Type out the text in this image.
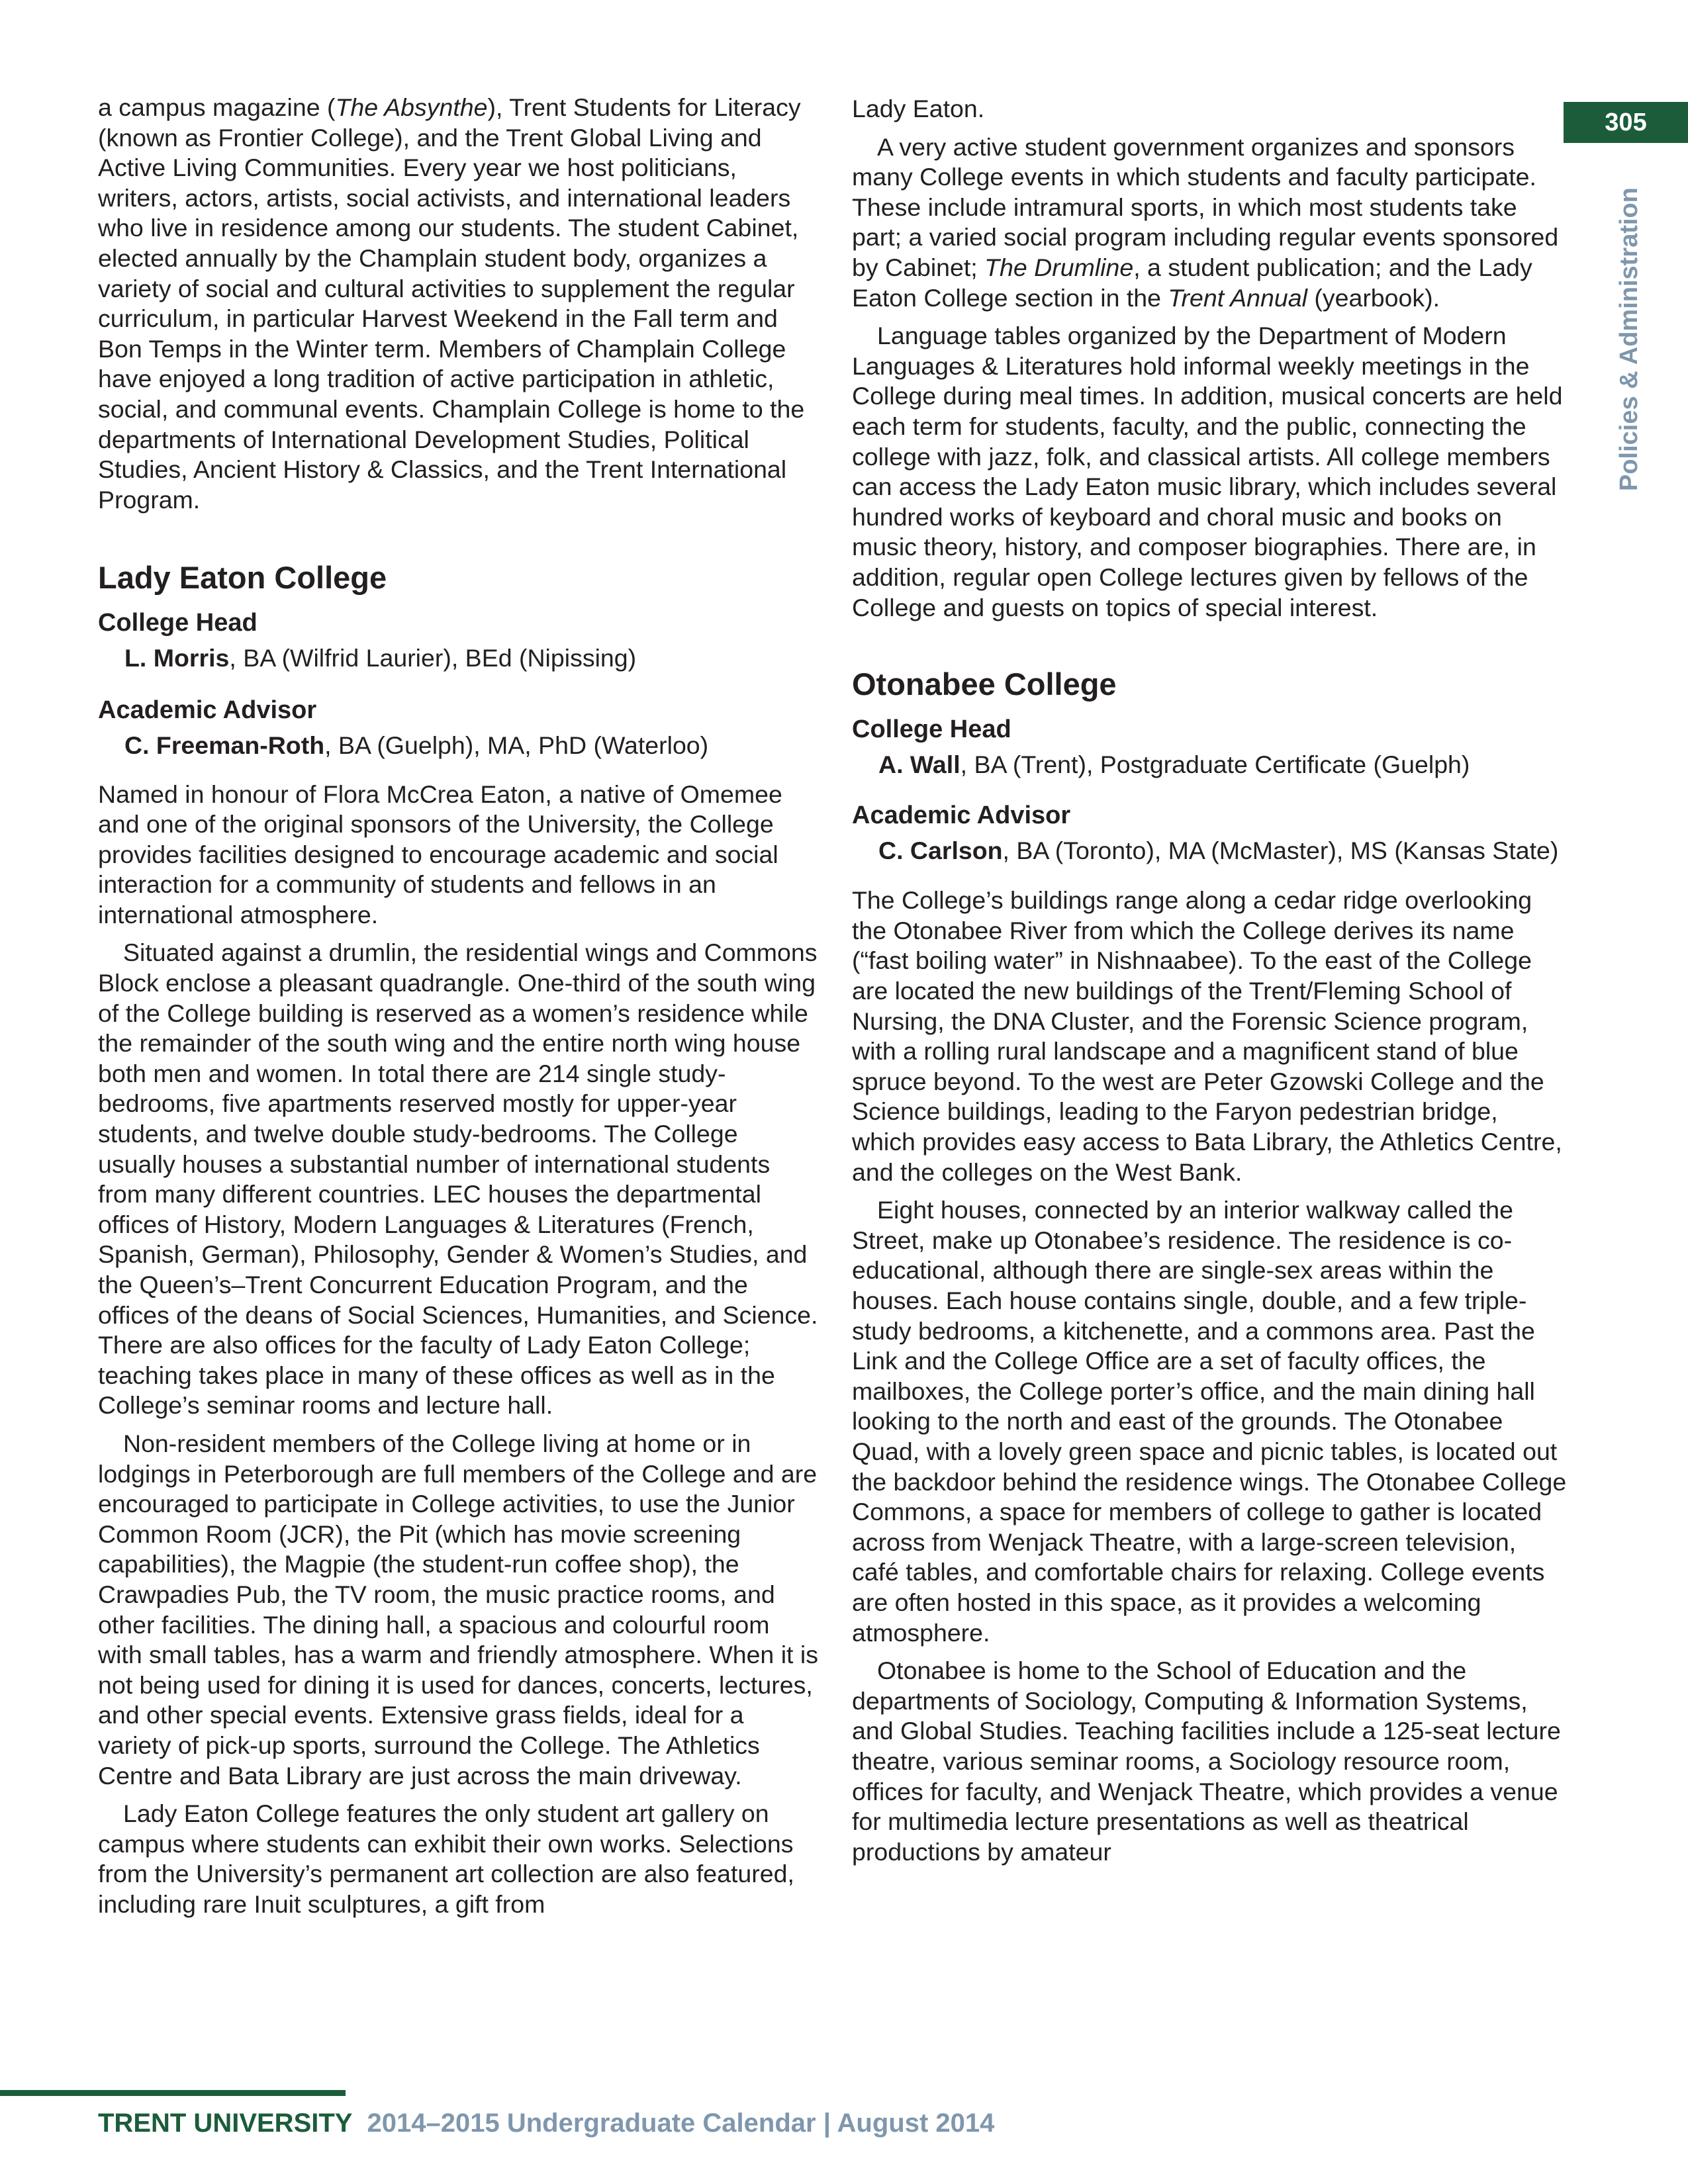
305
Policies & Administration

a campus magazine (The Absynthe), Trent Students for Literacy (known as Frontier College), and the Trent Global Living and Active Living Communities. Every year we host politicians, writers, actors, artists, social activists, and international leaders who live in residence among our students. The student Cabinet, elected annually by the Champlain student body, organizes a variety of social and cultural activities to supplement the regular curriculum, in particular Harvest Weekend in the Fall term and Bon Temps in the Winter term. Members of Champlain College have enjoyed a long tradition of active participation in athletic, social, and communal events. Champlain College is home to the departments of International Development Studies, Political Studies, Ancient History & Classics, and the Trent International Program.

Lady Eaton College
College Head

L. Morris, BA (Wilfrid Laurier), BEd (Nipissing)

Academic Advisor

C. Freeman-Roth, BA (Guelph), MA, PhD (Waterloo)

Named in honour of Flora McCrea Eaton, a native of Omemee and one of the original sponsors of the University, the College provides facilities designed to encourage academic and social interaction for a community of students and fellows in an international atmosphere.

Situated against a drumlin, the residential wings and Commons Block enclose a pleasant quadrangle. One-third of the south wing of the College building is reserved as a women’s residence while the remainder of the south wing and the entire north wing house both men and women. In total there are 214 single study-bedrooms, five apartments reserved mostly for upper-year students, and twelve double study-bedrooms. The College usually houses a substantial number of international students from many different countries. LEC houses the departmental offices of History, Modern Languages & Literatures (French, Spanish, German), Philosophy, Gender & Women’s Studies, and the Queen’s–Trent Concurrent Education Program, and the offices of the deans of Social Sciences, Humanities, and Science. There are also offices for the faculty of Lady Eaton College; teaching takes place in many of these offices as well as in the College’s seminar rooms and lecture hall.

Non-resident members of the College living at home or in lodgings in Peterborough are full members of the College and are encouraged to participate in College activities, to use the Junior Common Room (JCR), the Pit (which has movie screening capabilities), the Magpie (the student-run coffee shop), the Crawpadies Pub, the TV room, the music practice rooms, and other facilities. The dining hall, a spacious and colourful room with small tables, has a warm and friendly atmosphere. When it is not being used for dining it is used for dances, concerts, lectures, and other special events. Extensive grass fields, ideal for a variety of pick-up sports, surround the College. The Athletics Centre and Bata Library are just across the main driveway.

Lady Eaton College features the only student art gallery on campus where students can exhibit their own works. Selections from the University’s permanent art collection are also featured, including rare Inuit sculptures, a gift from

Lady Eaton.

A very active student government organizes and sponsors many College events in which students and faculty participate. These include intramural sports, in which most students take part; a varied social program including regular events sponsored by Cabinet; The Drumline, a student publication; and the Lady Eaton College section in the Trent Annual (yearbook).

Language tables organized by the Department of Modern Languages & Literatures hold informal weekly meetings in the College during meal times. In addition, musical concerts are held each term for students, faculty, and the public, connecting the college with jazz, folk, and classical artists. All college members can access the Lady Eaton music library, which includes several hundred works of keyboard and choral music and books on music theory, history, and composer biographies. There are, in addition, regular open College lectures given by fellows of the College and guests on topics of special interest.

Otonabee College
College Head

A. Wall, BA (Trent), Postgraduate Certificate (Guelph)

Academic Advisor

C. Carlson, BA (Toronto), MA (McMaster), MS (Kansas State)

The College’s buildings range along a cedar ridge overlooking the Otonabee River from which the College derives its name (“fast boiling water” in Nishnaabee). To the east of the College are located the new buildings of the Trent/Fleming School of Nursing, the DNA Cluster, and the Forensic Science program, with a rolling rural landscape and a magnificent stand of blue spruce beyond. To the west are Peter Gzowski College and the Science buildings, leading to the Faryon pedestrian bridge, which provides easy access to Bata Library, the Athletics Centre, and the colleges on the West Bank.

Eight houses, connected by an interior walkway called the Street, make up Otonabee’s residence. The residence is co-educational, although there are single-sex areas within the houses. Each house contains single, double, and a few triple-study bedrooms, a kitchenette, and a commons area. Past the Link and the College Office are a set of faculty offices, the mailboxes, the College porter’s office, and the main dining hall looking to the north and east of the grounds. The Otonabee Quad, with a lovely green space and picnic tables, is located out the backdoor behind the residence wings. The Otonabee College Commons, a space for members of college to gather is located across from Wenjack Theatre, with a large-screen television, café tables, and comfortable chairs for relaxing. College events are often hosted in this space, as it provides a welcoming atmosphere.

Otonabee is home to the School of Education and the departments of Sociology, Computing & Information Systems, and Global Studies. Teaching facilities include a 125-seat lecture theatre, various seminar rooms, a Sociology resource room, offices for faculty, and Wenjack Theatre, which provides a venue for multimedia lecture presentations as well as theatrical productions by amateur

TRENT UNIVERSITY 2014–2015 Undergraduate Calendar | August 2014
